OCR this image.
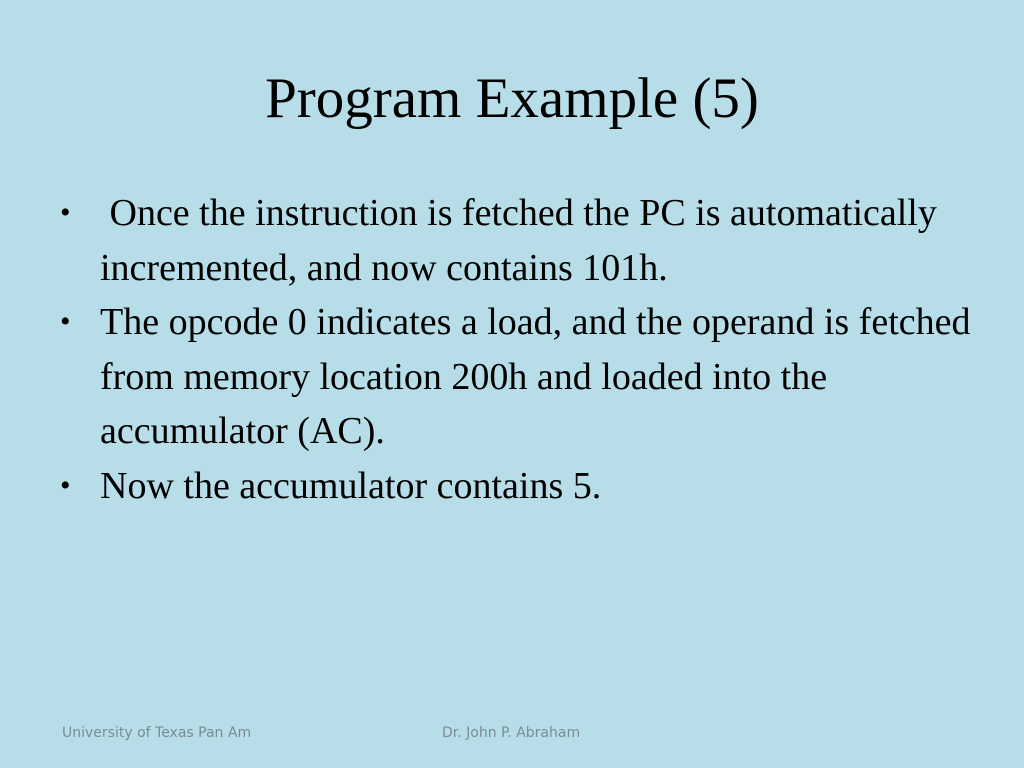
Program Example (5)
• Once the instruction is fetched the PC is automatically incremented, and now contains 101h.
• The opcode 0 indicates a load, and the operand is fetched from memory location 200h and loaded into the accumulator (AC).
• Now the accumulator contains 5.
University of Texas Pan Am	Dr. John P. Abraham
